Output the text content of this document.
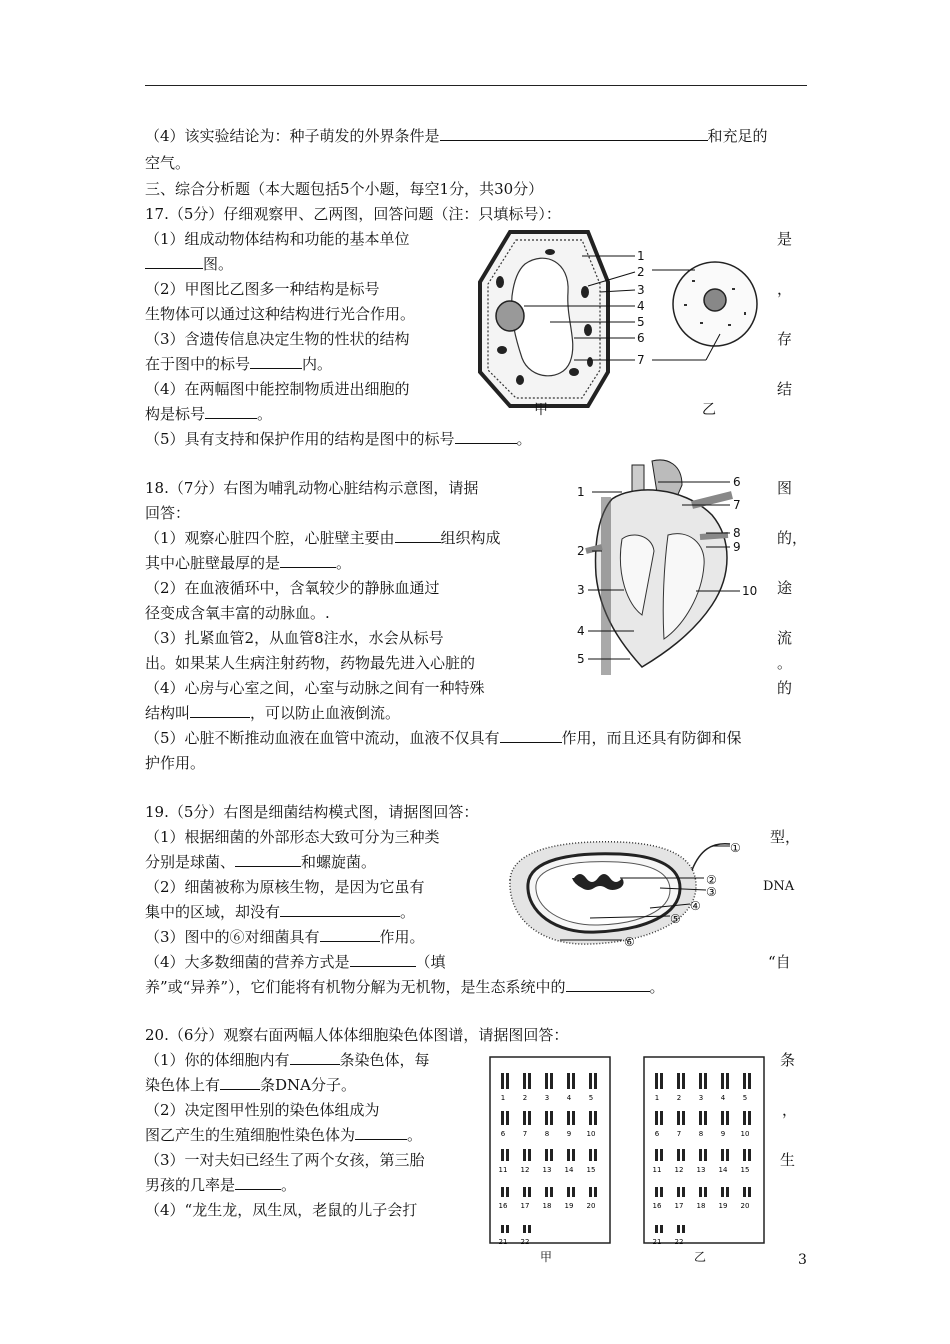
（4）该实验结论为：种子萌发的外界条件是	和充足的
空气。
三、综合分析题（本大题包括5个小题，每空1分，共30分）
17.（5分）仔细观察甲、乙两图，回答问题（注：只填标号）：
（1）组成动物体结构和功能的基本单位	是
图。
（2）甲图比乙图多一种结构是标号	，
生物体可以通过这种结构进行光合作用。
（3）含遗传信息决定生物的性状的结构	存
在于图中的标号	内。
（4）在两幅图中能控制物质进出细胞的	结
构是标号	。
（5）具有支持和保护作用的结构是图中的标号	。
1
2
3
4
5
6
7
甲	乙
18.（7分）右图为哺乳动物心脏结构示意图，请据	图
回答：
（1）观察心脏四个腔，心脏壁主要由	组织构成	的，
其中心脏壁最厚的是	。
（2）在血液循环中，含氧较少的静脉血通过	途
径变成含氧丰富的动脉血。.
（3）扎紧血管2，从血管8注水，水会从标号	流
出。如果某人生病注射药物，药物最先进入心脏的	。
（4）心房与心室之间，心室与动脉之间有一种特殊	的
结构叫	，可以防止血液倒流。
（5）心脏不断推动血液在血管中流动，血液不仅具有	作用，而且还具有防御和保
护作用。
1
2
3
4
5
6
7
8
9
10
19.（5分）右图是细菌结构模式图，请据图回答：
（1）根据细菌的外部形态大致可分为三种类	型，
分别是球菌、	和螺旋菌。
（2）细菌被称为原核生物，是因为它虽有	DNA
集中的区域，却没有	。
（3）图中的⑥对细菌具有	作用。
（4）大多数细菌的营养方式是	（填	“自
养”或“异养”），它们能将有机物分解为无机物，是生态系统中的	。
①
②
③
④
⑤
⑥
20.（6分）观察右面两幅人体体细胞染色体图谱，请据图回答：
（1）你的体细胞内有	条染色体，每	条
染色体上有	条DNA分子。
（2）决定图甲性别的染色体组成为	，
图乙产生的生殖细胞性染色体为	。
（3）一对夫妇已经生了两个女孩，第三胎	生
男孩的几率是	。
（4）“龙生龙，凤生凤，老鼠的儿子会打
1	2	3	4	5
6	7	8	9 10
11 12 13 14 15
16 17 18 19 20
21 22
1	2	3	4	5
6	7	8	9 10
11 12 13 14 15
16 17 18 19 20
21 22
甲	乙	3
